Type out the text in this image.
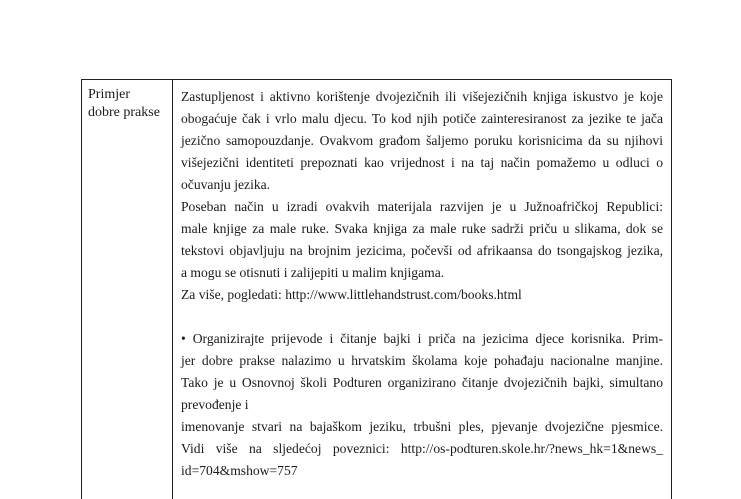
Primjer
dobre prakse
Zastupljenost i aktivno korištenje dvojezičnih ili višejezičnih knjiga iskustvo je koje
obogaćuje čak i vrlo malu djecu. To kod njih potiče zainteresiranost za jezike te jača
jezično samopouzdanje. Ovakvom građom šaljemo poruku korisnicima da su njihovi
višejezični identiteti prepoznati kao vrijednost i na taj način pomažemo u odluci o
očuvanju jezika.
Poseban način u izradi ovakvih materijala razvijen je u Južnoafričkoj Republici:
male knjige za male ruke. Svaka knjiga za male ruke sadrži priču u slikama, dok se
tekstovi objavljuju na brojnim jezicima, počevši od afrikaansa do tsongajskog jezika,
a mogu se otisnuti i zalijepiti u malim knjigama.
Za više, pogledati: http://www.littlehandstrust.com/books.html
• Organizirajte prijevode i čitanje bajki i priča na jezicima djece korisnika. Prim-
jer dobre prakse nalazimo u hrvatskim školama koje pohađaju nacionalne manjine.
Tako je u Osnovnoj školi Podturen organizirano čitanje dvojezičnih bajki, simultano
prevođenje i
imenovanje stvari na bajaškom jeziku, trbušni ples, pjevanje dvojezične pjesmice.
Vidi više na sljedećoj poveznici: http://os-podturen.skole.hr/?news_hk=1&news_
id=704&mshow=757
